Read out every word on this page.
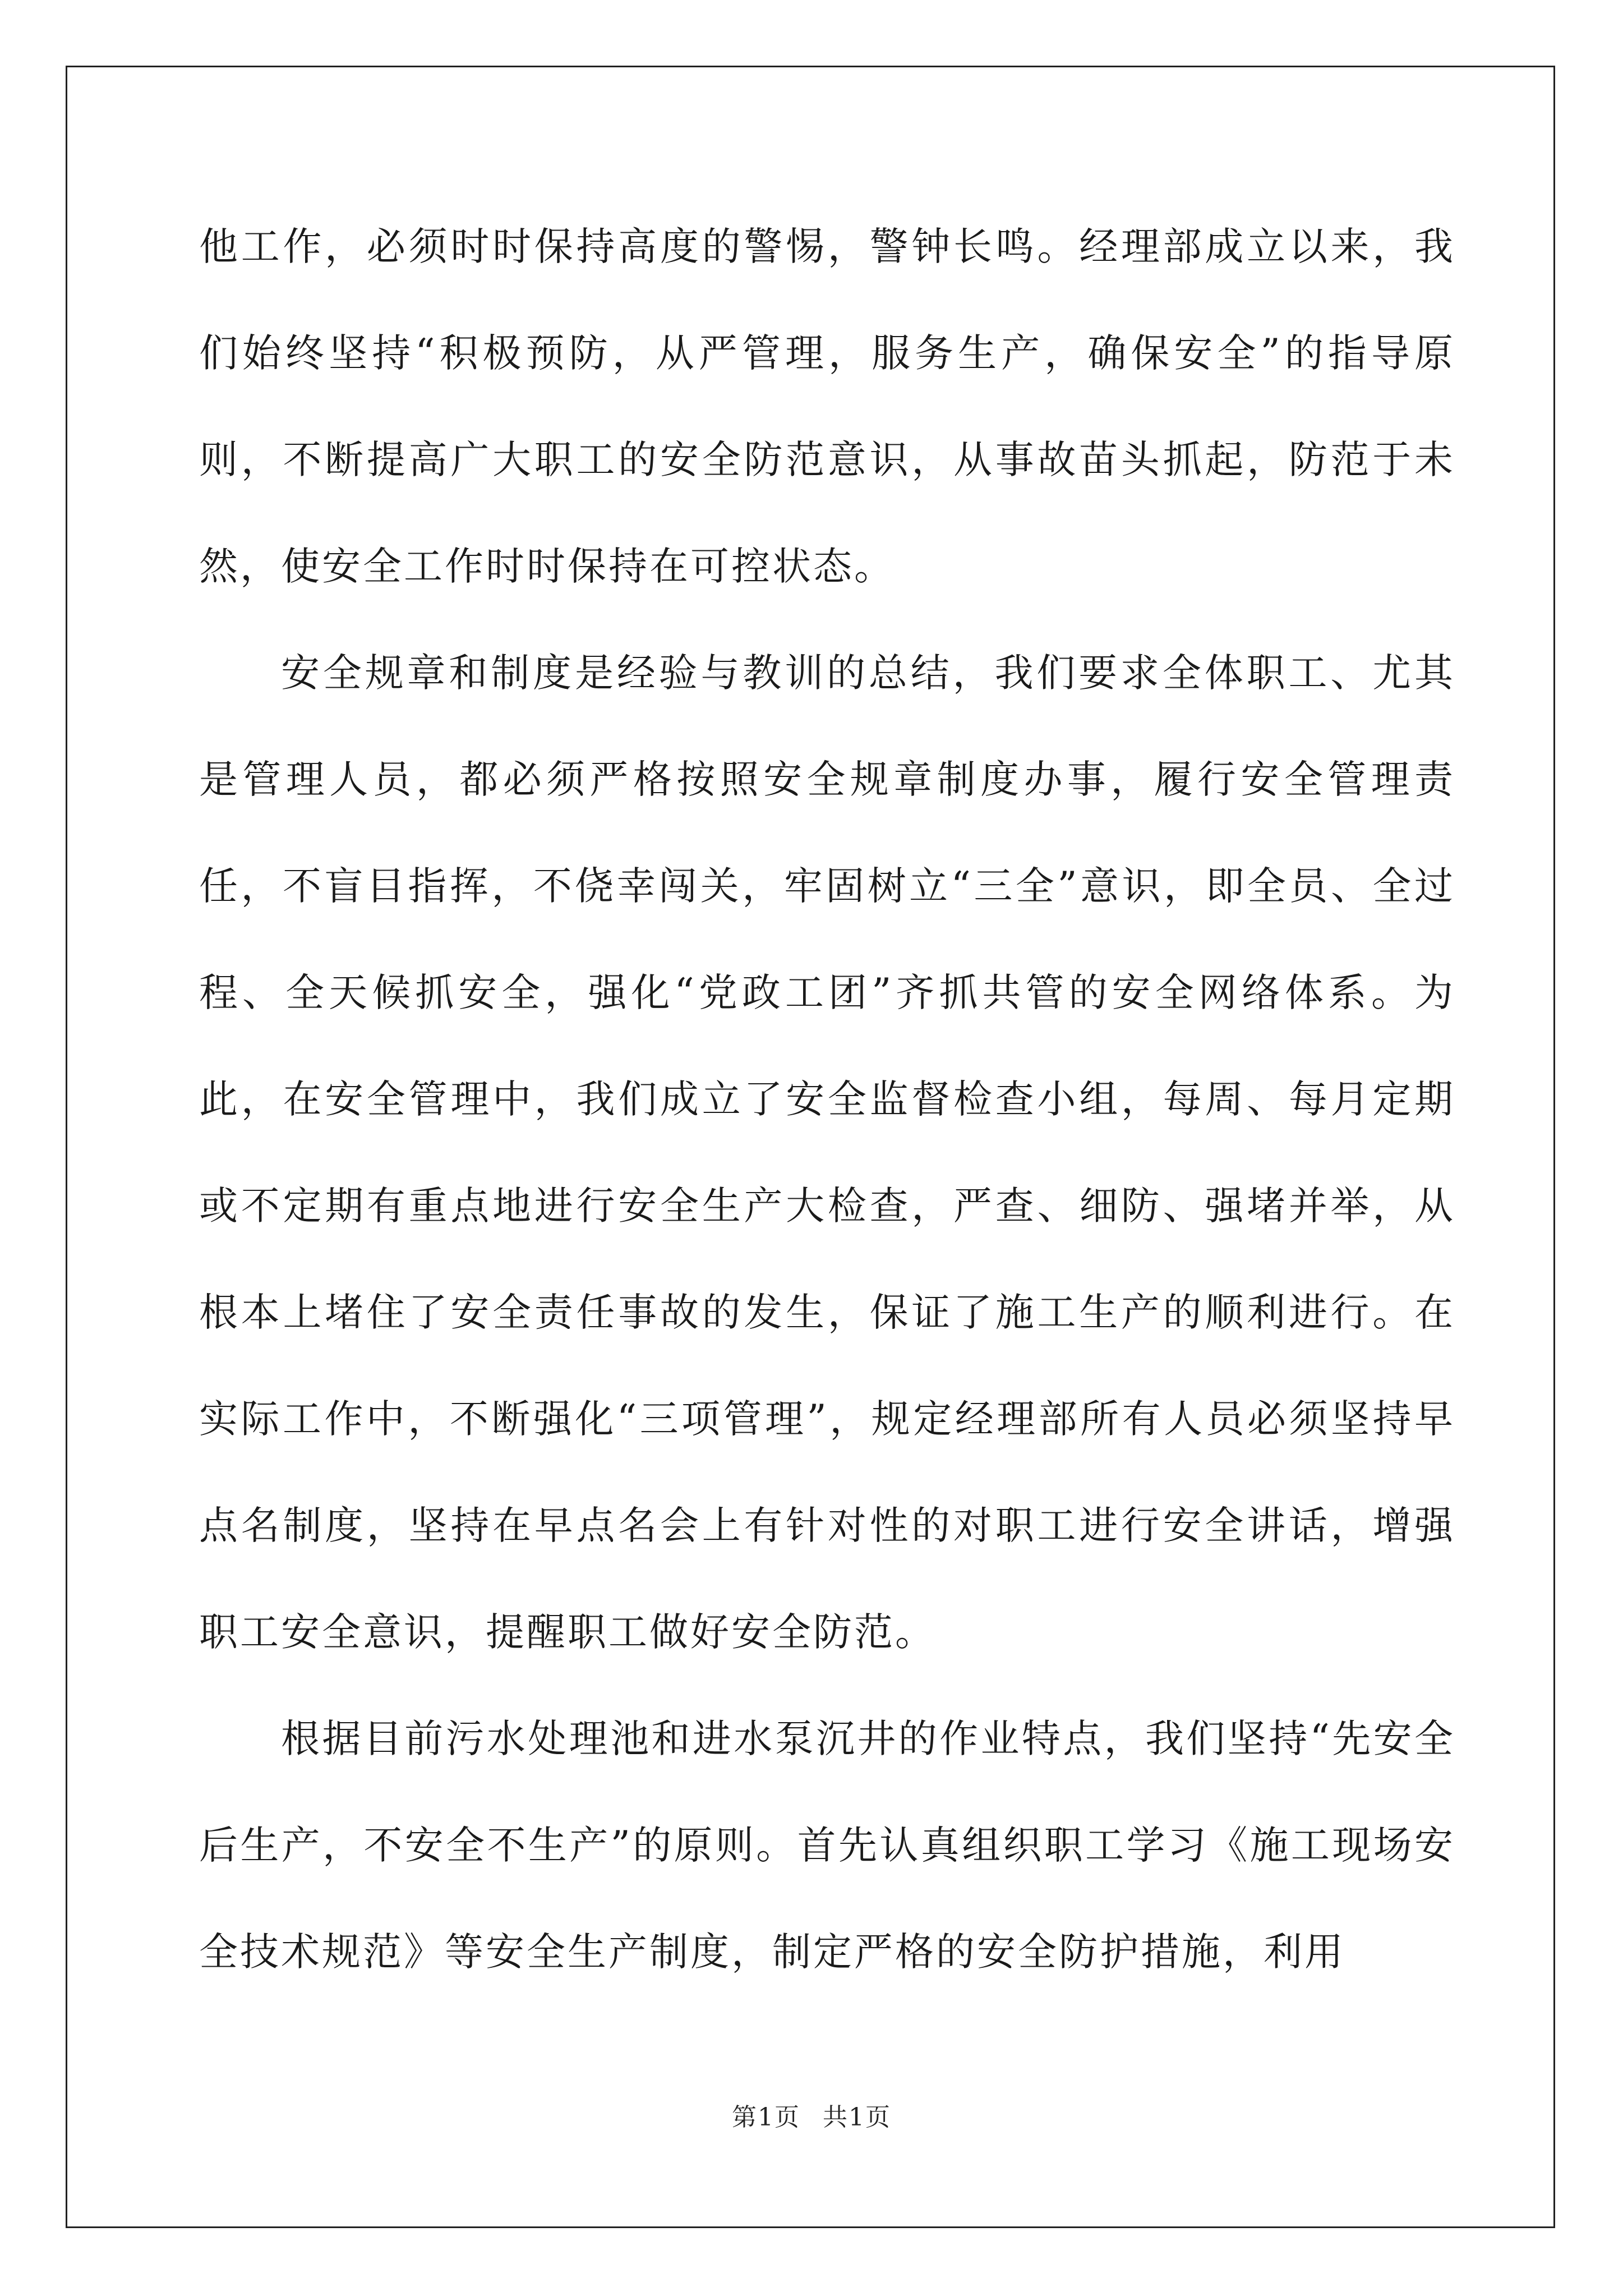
他工作，必须时时保持高度的警惕，警钟长鸣。经理部成立以来，我们始终坚持“积极预防，从严管理，服务生产，确保安全”的指导原则，不断提高广大职工的安全防范意识，从事故苗头抓起，防范于未然，使安全工作时时保持在可控状态。

安全规章和制度是经验与教训的总结，我们要求全体职工、尤其是管理人员，都必须严格按照安全规章制度办事，履行安全管理责任，不盲目指挥，不侥幸闯关，牢固树立“三全”意识，即全员、全过程、全天候抓安全，强化“党政工团”齐抓共管的安全网络体系。为此，在安全管理中，我们成立了安全监督检查小组，每周、每月定期或不定期有重点地进行安全生产大检查，严查、细防、强堵并举，从根本上堵住了安全责任事故的发生，保证了施工生产的顺利进行。在实际工作中，不断强化“三项管理”，规定经理部所有人员必须坚持早点名制度，坚持在早点名会上有针对性的对职工进行安全讲话，增强职工安全意识，提醒职工做好安全防范。

根据目前污水处理池和进水泵沉井的作业特点，我们坚持“先安全后生产，不安全不生产”的原则。首先认真组织职工学习《施工现场安全技术规范》等安全生产制度，制定严格的安全防护措施，利用

第1页 共1页
